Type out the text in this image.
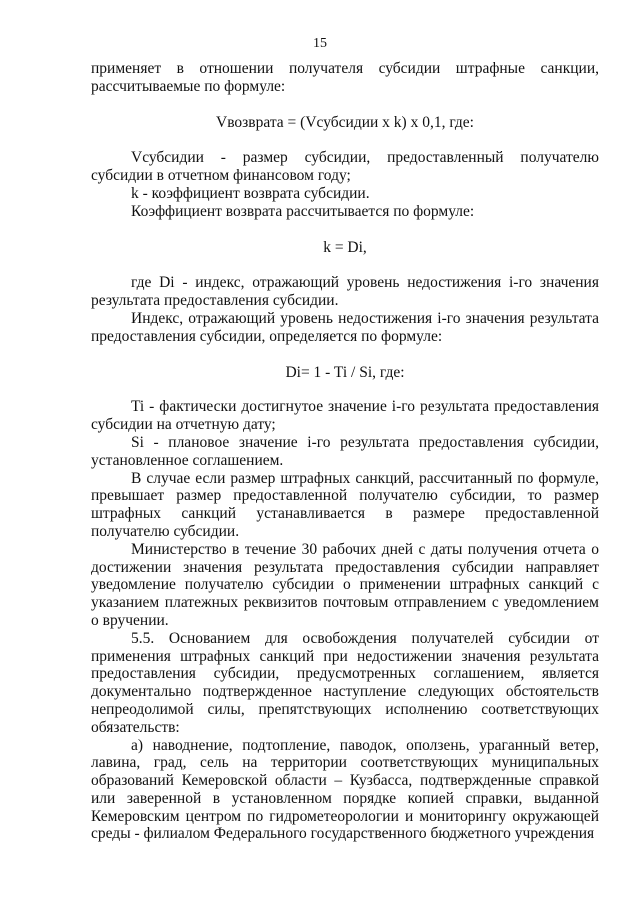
15

применяет в отношении получателя субсидии штрафные санкции, рассчитываемые по формуле:

Vвозврата = (Vсубсидии x k) x 0,1, где:

Vсубсидии - размер субсидии, предоставленный получателю субсидии в отчетном финансовом году;

k - коэффициент возврата субсидии.

Коэффициент возврата рассчитывается по формуле:

k = Di,

где Di - индекс, отражающий уровень недостижения i-го значения результата предоставления субсидии.

Индекс, отражающий уровень недостижения i-го значения результата предоставления субсидии, определяется по формуле:

Di= 1 - Ti / Si, где:

Ti - фактически достигнутое значение i-го результата предоставления субсидии на отчетную дату;

Si - плановое значение i-го результата предоставления субсидии, установленное соглашением.

В случае если размер штрафных санкций, рассчитанный по формуле, превышает размер предоставленной получателю субсидии, то размер штрафных санкций устанавливается в размере предоставленной получателю субсидии.

Министерство в течение 30 рабочих дней с даты получения отчета о достижении значения результата предоставления субсидии направляет уведомление получателю субсидии о применении штрафных санкций с указанием платежных реквизитов почтовым отправлением с уведомлением о вручении.

5.5. Основанием для освобождения получателей субсидии от применения штрафных санкций при недостижении значения результата предоставления субсидии, предусмотренных соглашением, является документально подтвержденное наступление следующих обстоятельств непреодолимой силы, препятствующих исполнению соответствующих обязательств:

а) наводнение, подтопление, паводок, оползень, ураганный ветер, лавина, град, сель на территории соответствующих муниципальных образований Кемеровской области – Кузбасса, подтвержденные справкой или заверенной в установленном порядке копией справки, выданной Кемеровским центром по гидрометеорологии и мониторингу окружающей среды - филиалом Федерального государственного бюджетного учреждения
